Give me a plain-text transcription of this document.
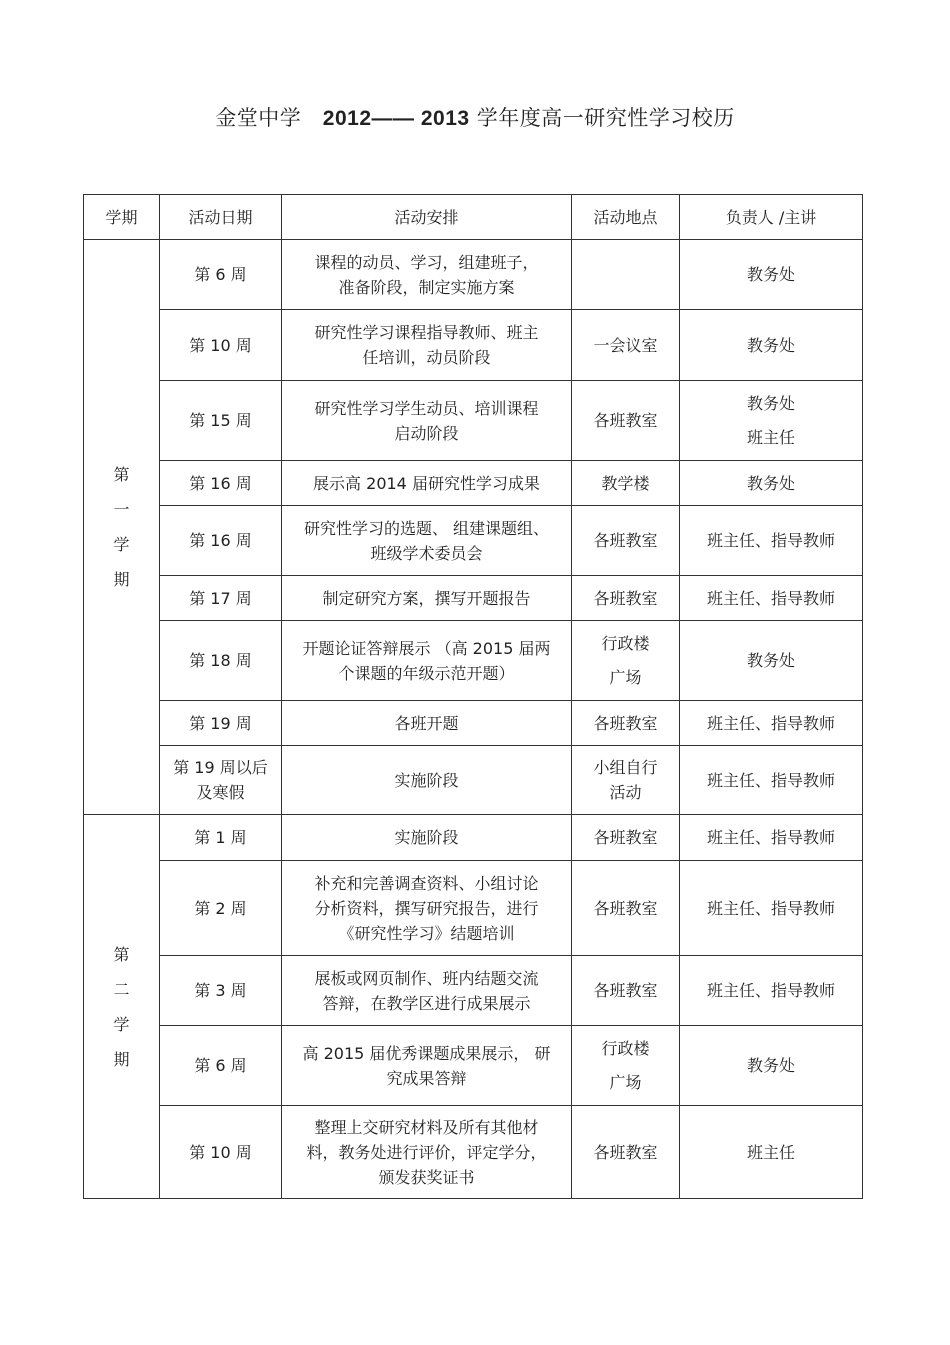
金堂中学 2012—— 2013 学年度高一研究性学习校历
学期	活动日期	活动安排	活动地点	负责人 /主讲

第
一
学
期	第 6 周	课程的动员、学习，组建班子，
准备阶段，制定实施方案		教务处

	第 10 周	研究性学习课程指导教师、班主
任培训，动员阶段	一会议室	教务处

	第 15 周	研究性学习学生动员、培训课程
启动阶段	各班教室	教务处
班主任

	第 16 周	展示高 2014 届研究性学习成果	教学楼	教务处

	第 16 周	研究性学习的选题、 组建课题组、
班级学术委员会	各班教室	班主任、指导教师

	第 17 周	制定研究方案，撰写开题报告	各班教室	班主任、指导教师

	第 18 周	开题论证答辩展示 （高 2015 届两
个课题的年级示范开题）	行政楼
广场	教务处

	第 19 周	各班开题	各班教室	班主任、指导教师

	第 19 周以后
及寒假	实施阶段	小组自行
活动	班主任、指导教师

第
二
学
期	第 1 周	实施阶段	各班教室	班主任、指导教师

	第 2 周	补充和完善调查资料、小组讨论
分析资料，撰写研究报告，进行
《研究性学习》结题培训	各班教室	班主任、指导教师

	第 3 周	展板或网页制作、班内结题交流
答辩，在教学区进行成果展示	各班教室	班主任、指导教师

	第 6 周	高 2015 届优秀课题成果展示， 研
究成果答辩	行政楼
广场	教务处

	第 10 周	整理上交研究材料及所有其他材
料，教务处进行评价，评定学分，
颁发获奖证书	各班教室	班主任
